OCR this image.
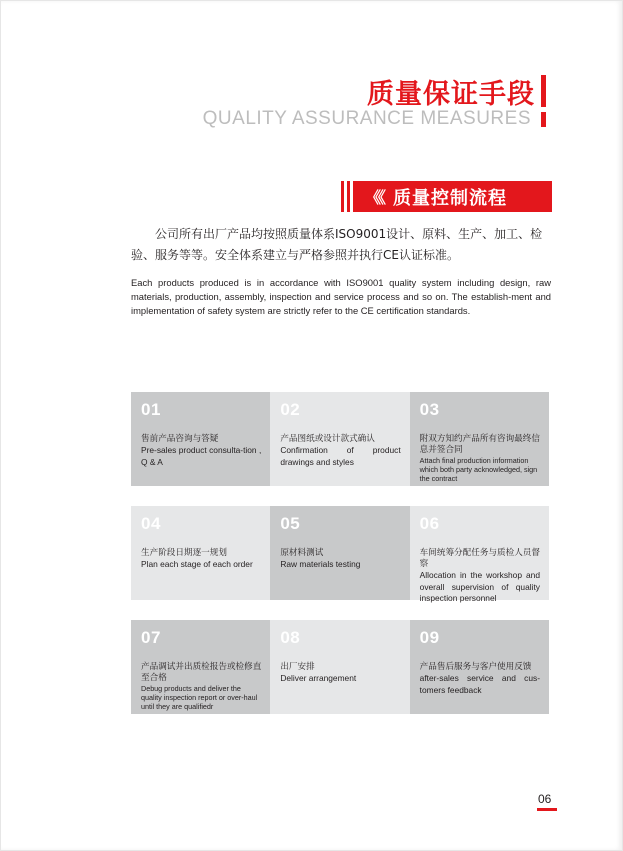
质量保证手段
QUALITY ASSURANCE MEASURES
《《 质量控制流程
公司所有出厂产品均按照质量体系ISO9001设计、原料、生产、加工、检验、服务等等。安全体系建立与严格参照并执行CE认证标准。
Each products produced is in accordance with ISO9001 quality system including design, raw materials, production, assembly, inspection and service process and so on. The establish-ment and implementation of safety system are strictly refer to the CE certification standards.
01
售前产品咨询与答疑
Pre-sales product consulta-tion , Q & A
02
产品图纸或设计款式确认
Confirmation of product drawings and styles
03
附双方知约产品所有咨询最终信息并签合同
Attach final production information which both party acknowledged, sign the contract
04
生产阶段日期逐一规划
Plan each stage of each order
05
原材料测试
Raw materials testing
06
车间统筹分配任务与质检人员督察
Allocation in the workshop and overall supervision of quality inspection personnel
07
产品调试并出质检报告或检修直至合格
Debug products and deliver the quality inspection report or over-haul until they are qualifiedr
08
出厂安排
Deliver arrangement
09
产品售后服务与客户使用反馈
after-sales service and cus-tomers feedback
06
